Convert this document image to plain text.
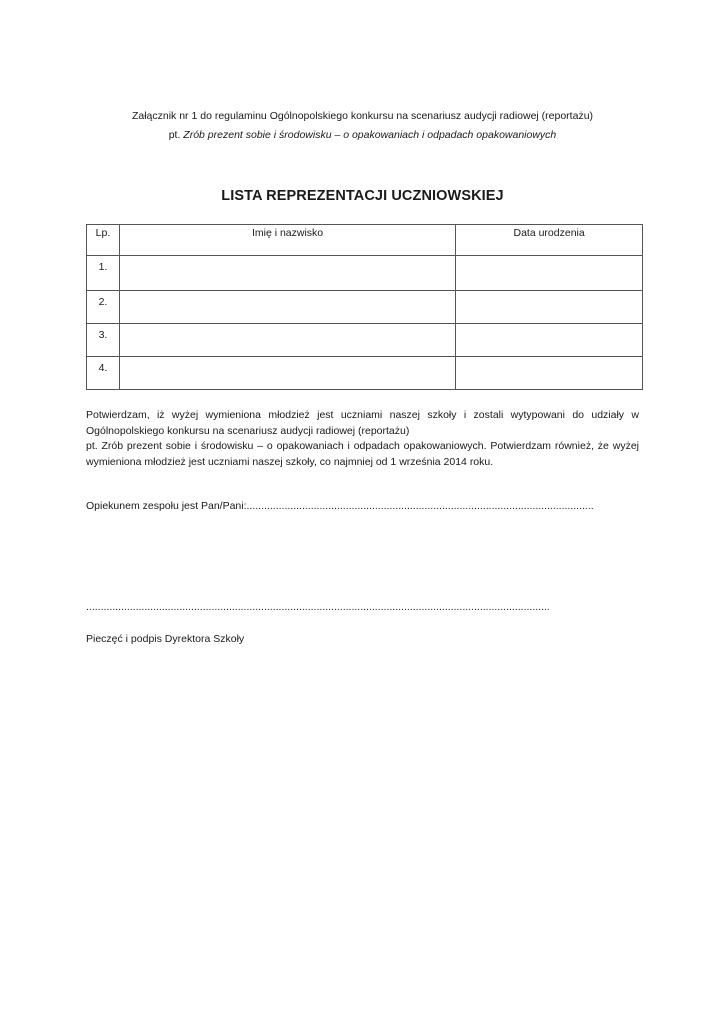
Załącznik nr 1 do regulaminu Ogólnopolskiego konkursu na scenariusz audycji radiowej (reportażu)
pt. Zrób prezent sobie i środowisku – o opakowaniach i odpadach opakowaniowych
LISTA REPREZENTACJI UCZNIOWSKIEJ
Lp.	Imię i nazwisko	Data urodzenia
1.		
2.		
3.		
4.		

Potwierdzam, iż wyżej wymieniona młodzież jest uczniami naszej szkoły i zostali wytypowani do udziały w Ogólnopolskiego konkursu na scenariusz audycji radiowej (reportażu)

pt. Zrób prezent sobie i środowisku – o opakowaniach i odpadach opakowaniowych. Potwierdzam również, że wyżej wymieniona młodzież jest uczniami naszej szkoły, co najmniej od 1 września 2014 roku.

Opiekunem zespołu jest Pan/Pani:.......................................................................................................................
...............................................................................................................................................................
Pieczęć i podpis Dyrektora Szkoły
